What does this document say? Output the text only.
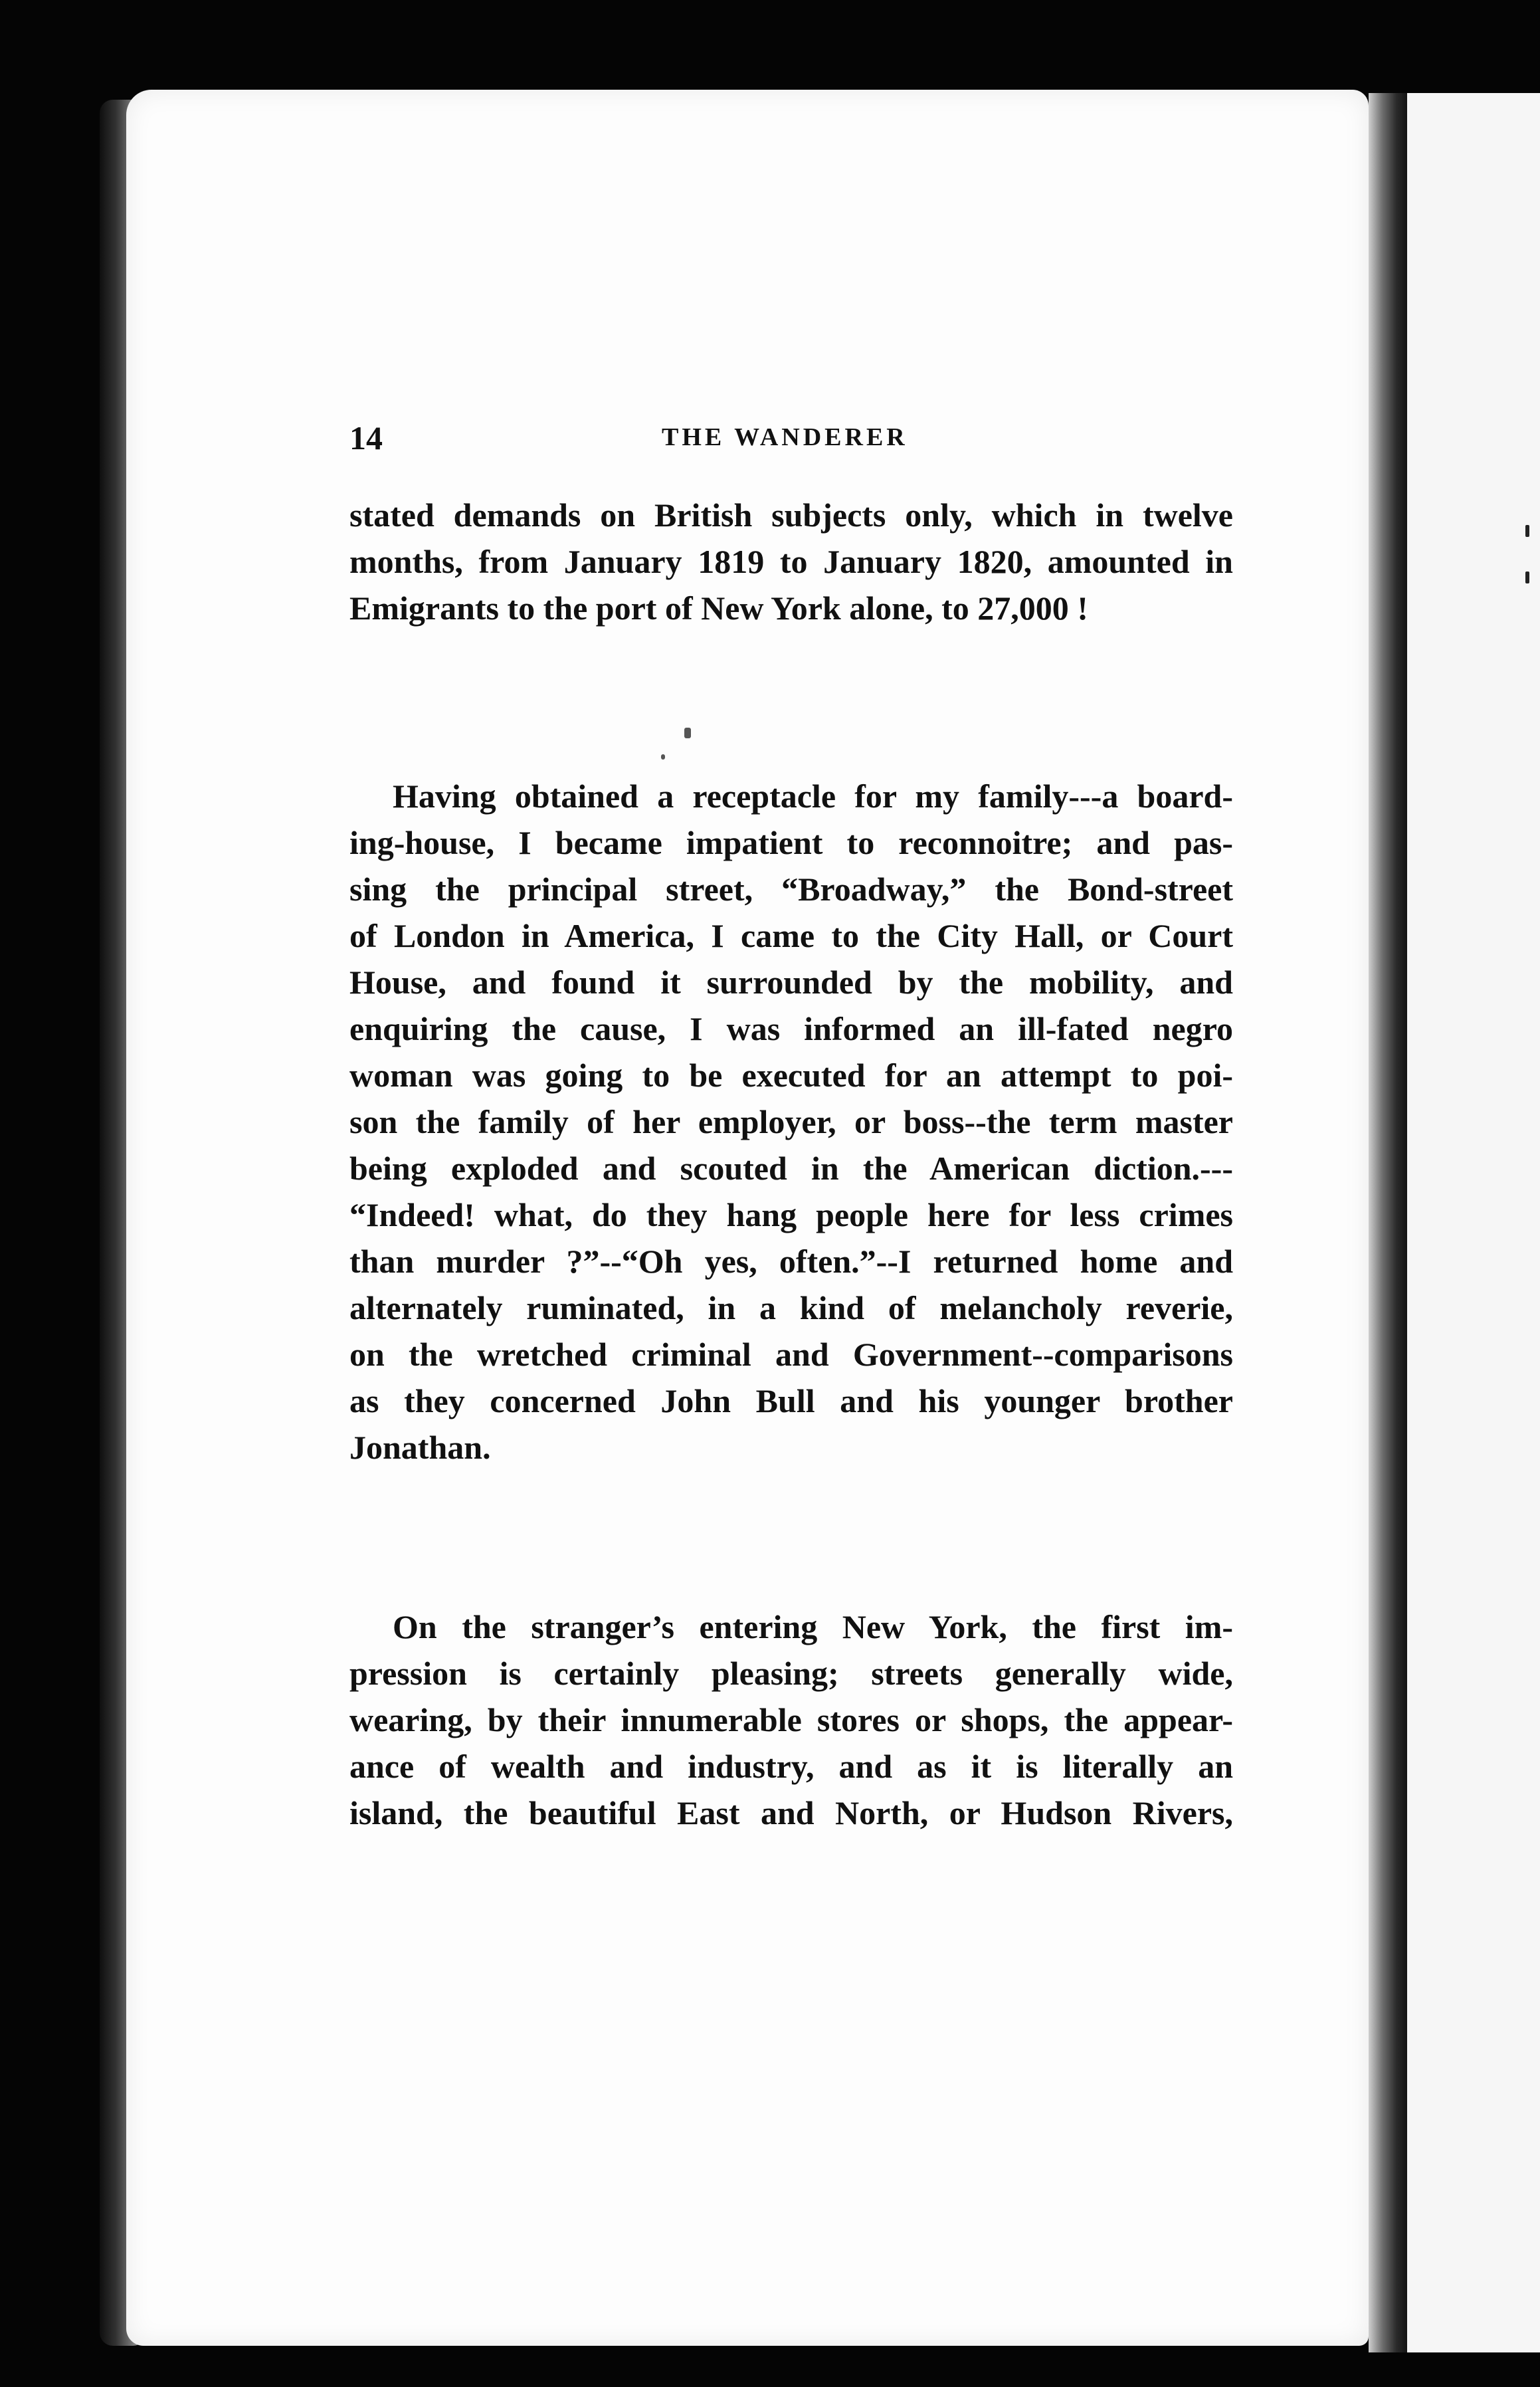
14	THE WANDERER
stated demands on British subjects only, which in twelve
months, from January 1819 to January 1820, amounted in
Emigrants to the port of New York alone, to 27,000 !
Having obtained a receptacle for my family---a board-
ing-house, I became impatient to reconnoitre; and pas-
sing the principal street, “Broadway,” the Bond-street
of London in America, I came to the City Hall, or Court
House, and found it surrounded by the mobility, and
enquiring the cause, I was informed an ill-fated negro
woman was going to be executed for an attempt to poi-
son the family of her employer, or boss--the term master
being exploded and scouted in the American diction.---
“Indeed! what, do they hang people here for less crimes
than murder ?”--“Oh yes, often.”--I returned home and
alternately ruminated, in a kind of melancholy reverie,
on the wretched criminal and Government--comparisons
as they concerned John Bull and his younger brother
Jonathan.
On the stranger’s entering New York, the first im-
pression is certainly pleasing; streets generally wide,
wearing, by their innumerable stores or shops, the appear-
ance of wealth and industry, and as it is literally an
island, the beautiful East and North, or Hudson Rivers,
